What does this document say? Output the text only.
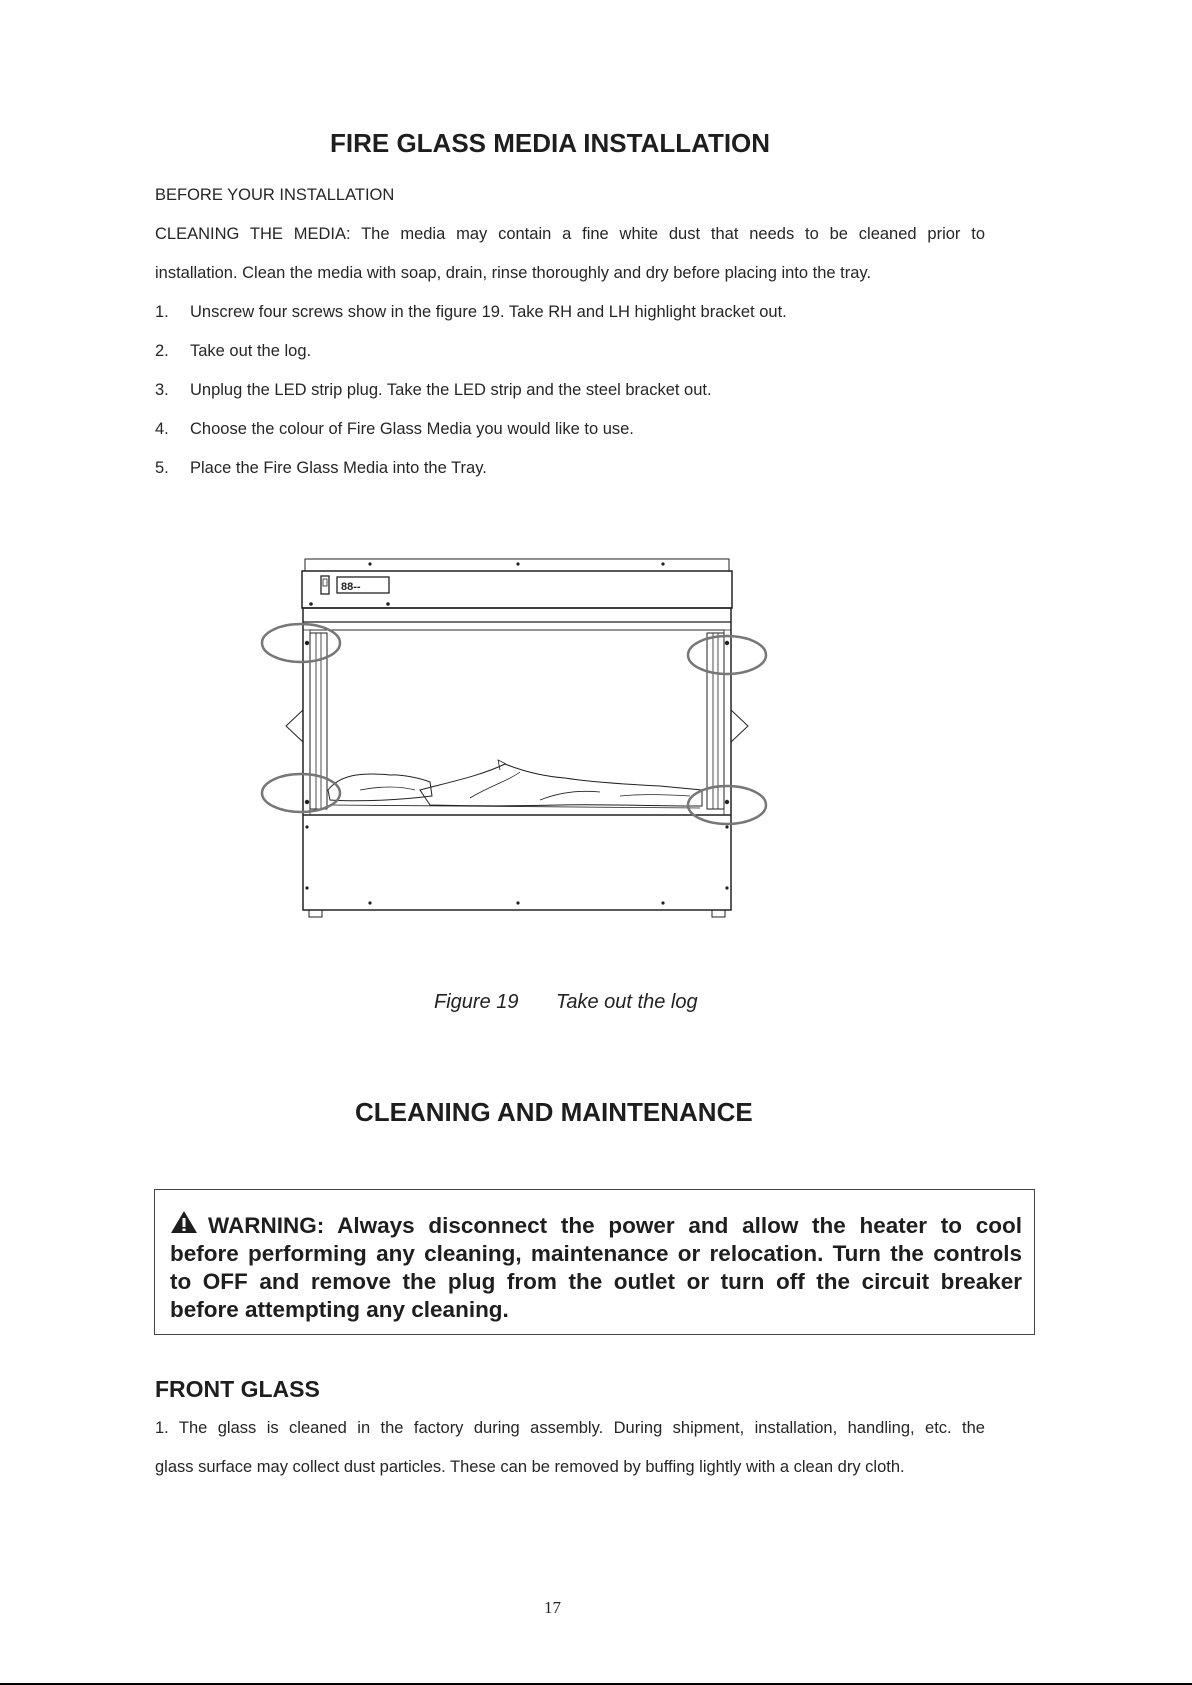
FIRE GLASS MEDIA INSTALLATION
BEFORE YOUR INSTALLATION
CLEANING THE MEDIA: The media may contain a fine white dust that needs to be cleaned prior to
installation. Clean the media with soap, drain, rinse thoroughly and dry before placing into the tray.
1. Unscrew four screws show in the figure 19. Take RH and LH highlight bracket out.
2. Take out the log.
3. Unplug the LED strip plug. Take the LED strip and the steel bracket out.
4. Choose the colour of Fire Glass Media you would like to use.
5. Place the Fire Glass Media into the Tray.
88--
Figure 19 Take out the log
CLEANING AND MAINTENANCE
WARNING: Always disconnect the power and allow the heater to cool before performing any cleaning, maintenance or relocation. Turn the controls to OFF and remove the plug from the outlet or turn off the circuit breaker before attempting any cleaning.
FRONT GLASS
1. The glass is cleaned in the factory during assembly. During shipment, installation, handling, etc. the
glass surface may collect dust particles. These can be removed by buffing lightly with a clean dry cloth.
17
